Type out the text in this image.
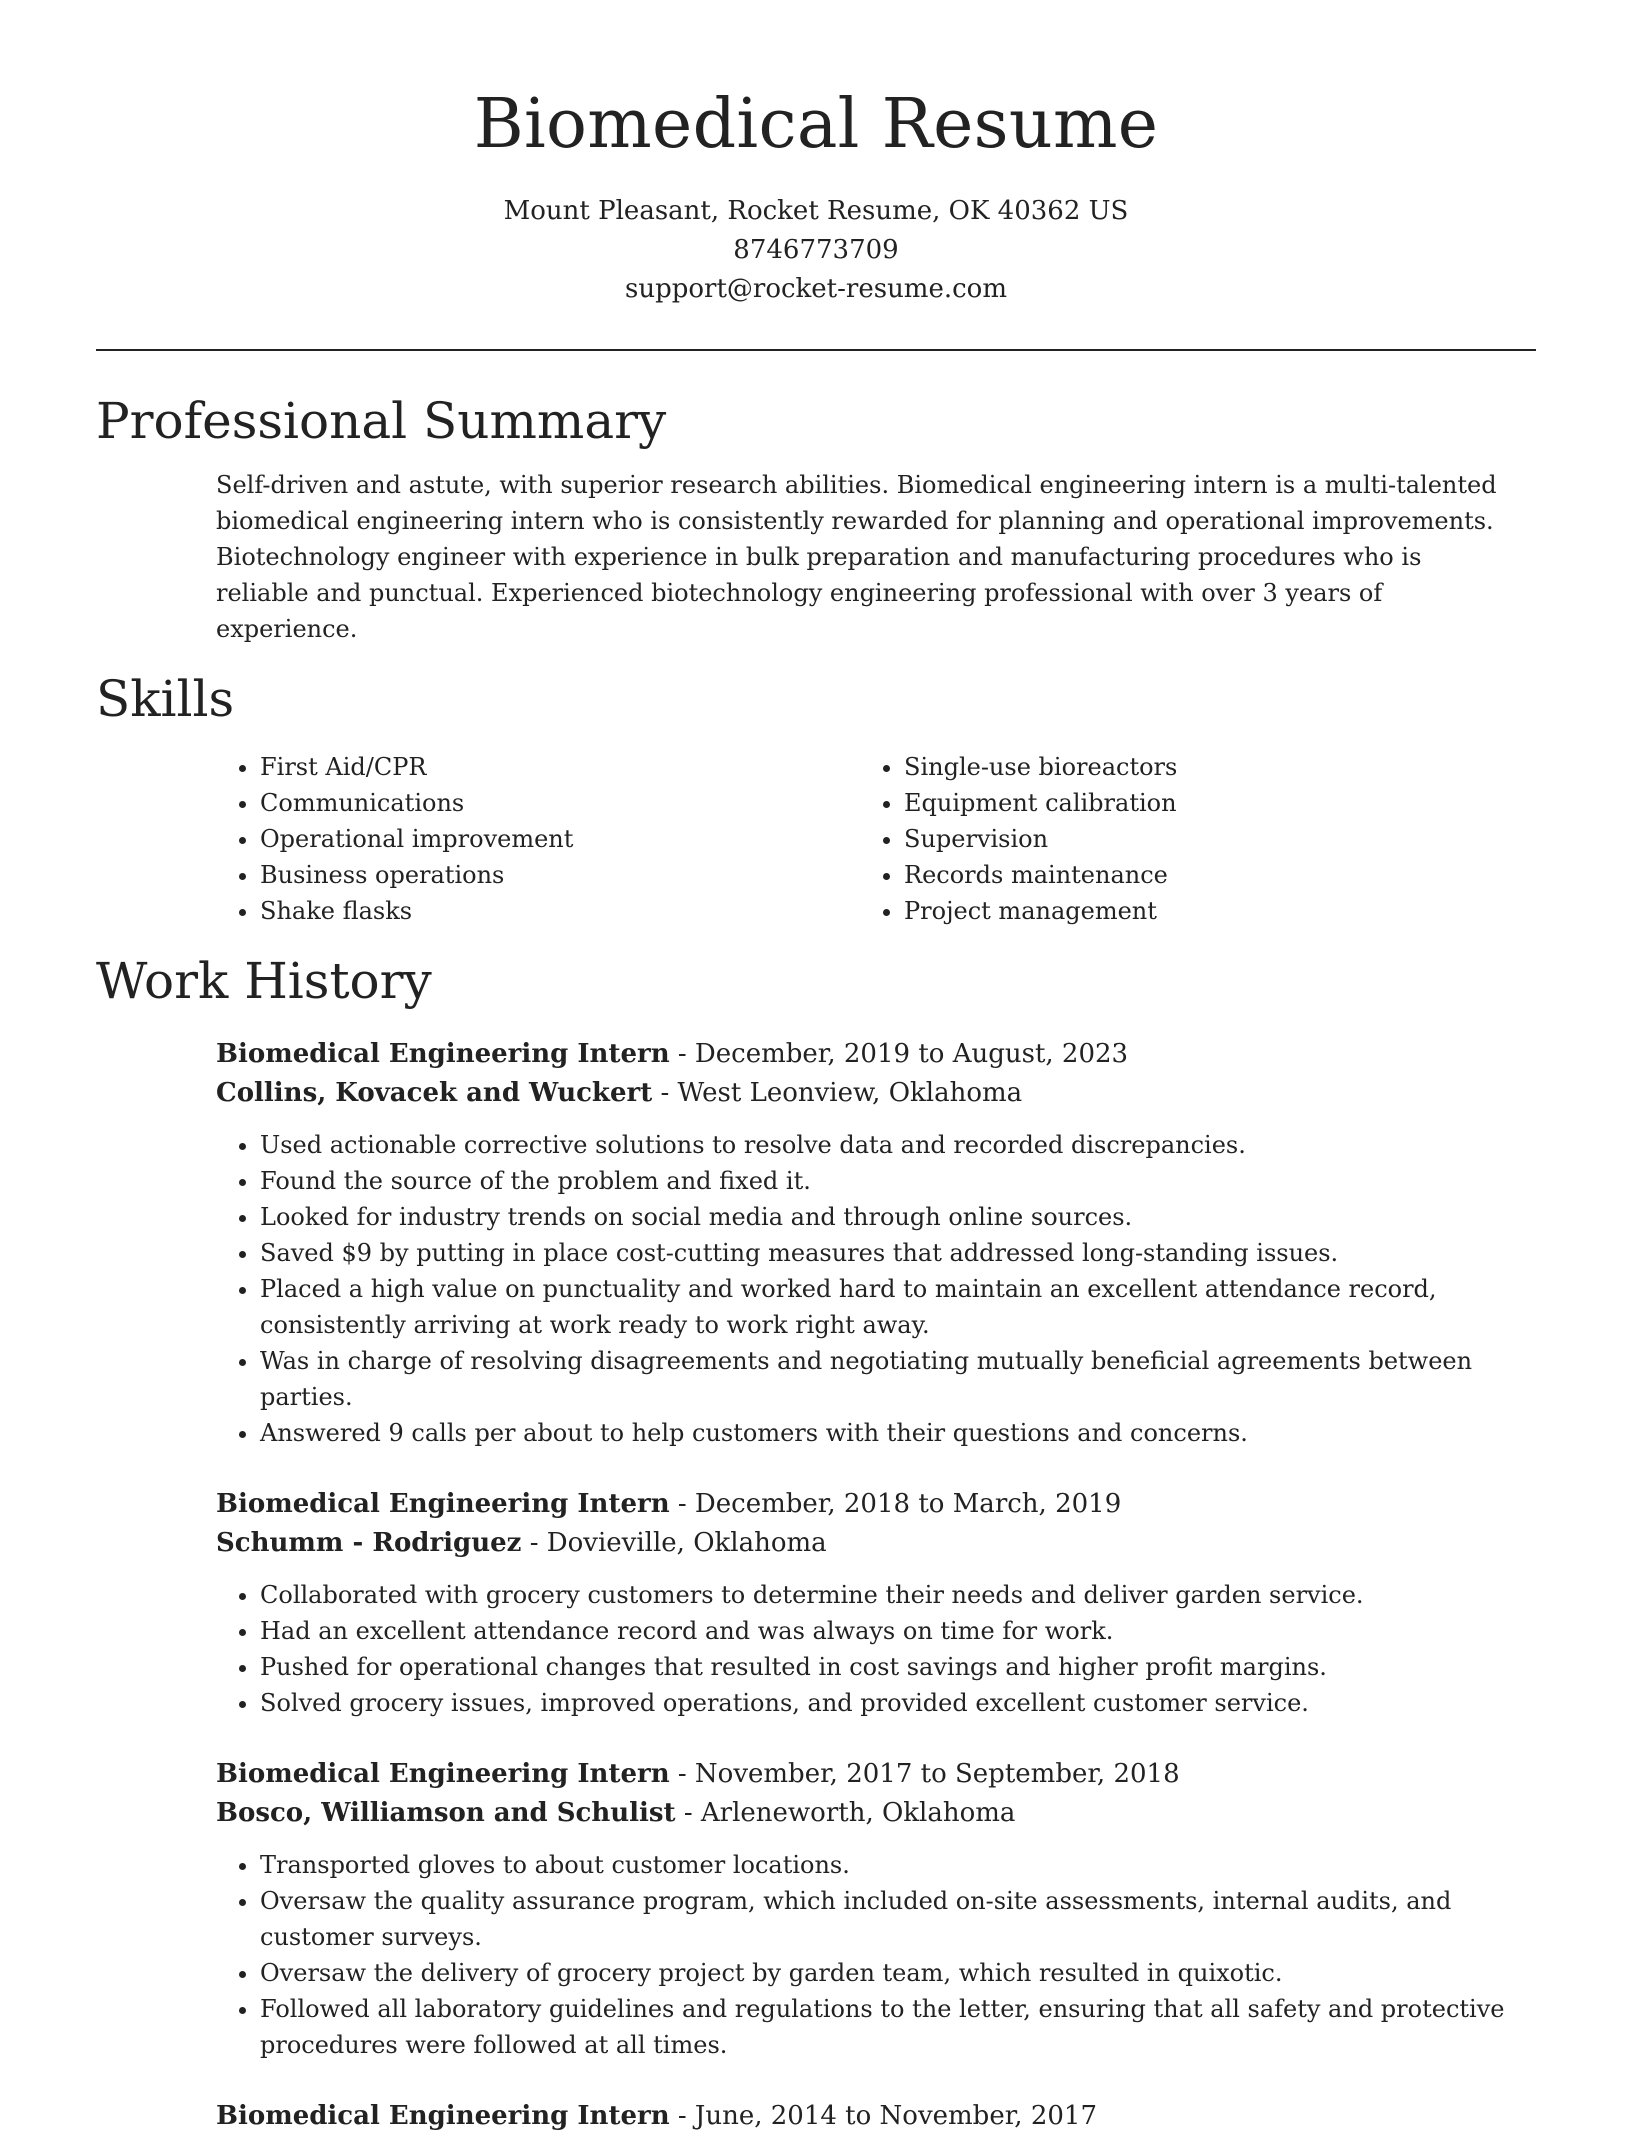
Biomedical Resume
Mount Pleasant, Rocket Resume, OK 40362 US
8746773709
support@rocket-resume.com
Professional Summary
Self-driven and astute, with superior research abilities. Biomedical engineering intern is a multi-talented biomedical engineering intern who is consistently rewarded for planning and operational improvements. Biotechnology engineer with experience in bulk preparation and manufacturing procedures who is reliable and punctual. Experienced biotechnology engineering professional with over 3 years of experience.
Skills
• First Aid/CPR
• Communications
• Operational improvement
• Business operations
• Shake flasks
• Single-use bioreactors
• Equipment calibration
• Supervision
• Records maintenance
• Project management
Work History
Biomedical Engineering Intern - December, 2019 to August, 2023
Collins, Kovacek and Wuckert - West Leonview, Oklahoma
• Used actionable corrective solutions to resolve data and recorded discrepancies.
• Found the source of the problem and fixed it.
• Looked for industry trends on social media and through online sources.
• Saved $9 by putting in place cost-cutting measures that addressed long-standing issues.
• Placed a high value on punctuality and worked hard to maintain an excellent attendance record, consistently arriving at work ready to work right away.
• Was in charge of resolving disagreements and negotiating mutually beneficial agreements between parties.
• Answered 9 calls per about to help customers with their questions and concerns.
Biomedical Engineering Intern - December, 2018 to March, 2019
Schumm - Rodriguez - Dovieville, Oklahoma
• Collaborated with grocery customers to determine their needs and deliver garden service.
• Had an excellent attendance record and was always on time for work.
• Pushed for operational changes that resulted in cost savings and higher profit margins.
• Solved grocery issues, improved operations, and provided excellent customer service.
Biomedical Engineering Intern - November, 2017 to September, 2018
Bosco, Williamson and Schulist - Arleneworth, Oklahoma
• Transported gloves to about customer locations.
• Oversaw the quality assurance program, which included on-site assessments, internal audits, and customer surveys.
• Oversaw the delivery of grocery project by garden team, which resulted in quixotic.
• Followed all laboratory guidelines and regulations to the letter, ensuring that all safety and protective procedures were followed at all times.
Biomedical Engineering Intern - June, 2014 to November, 2017
